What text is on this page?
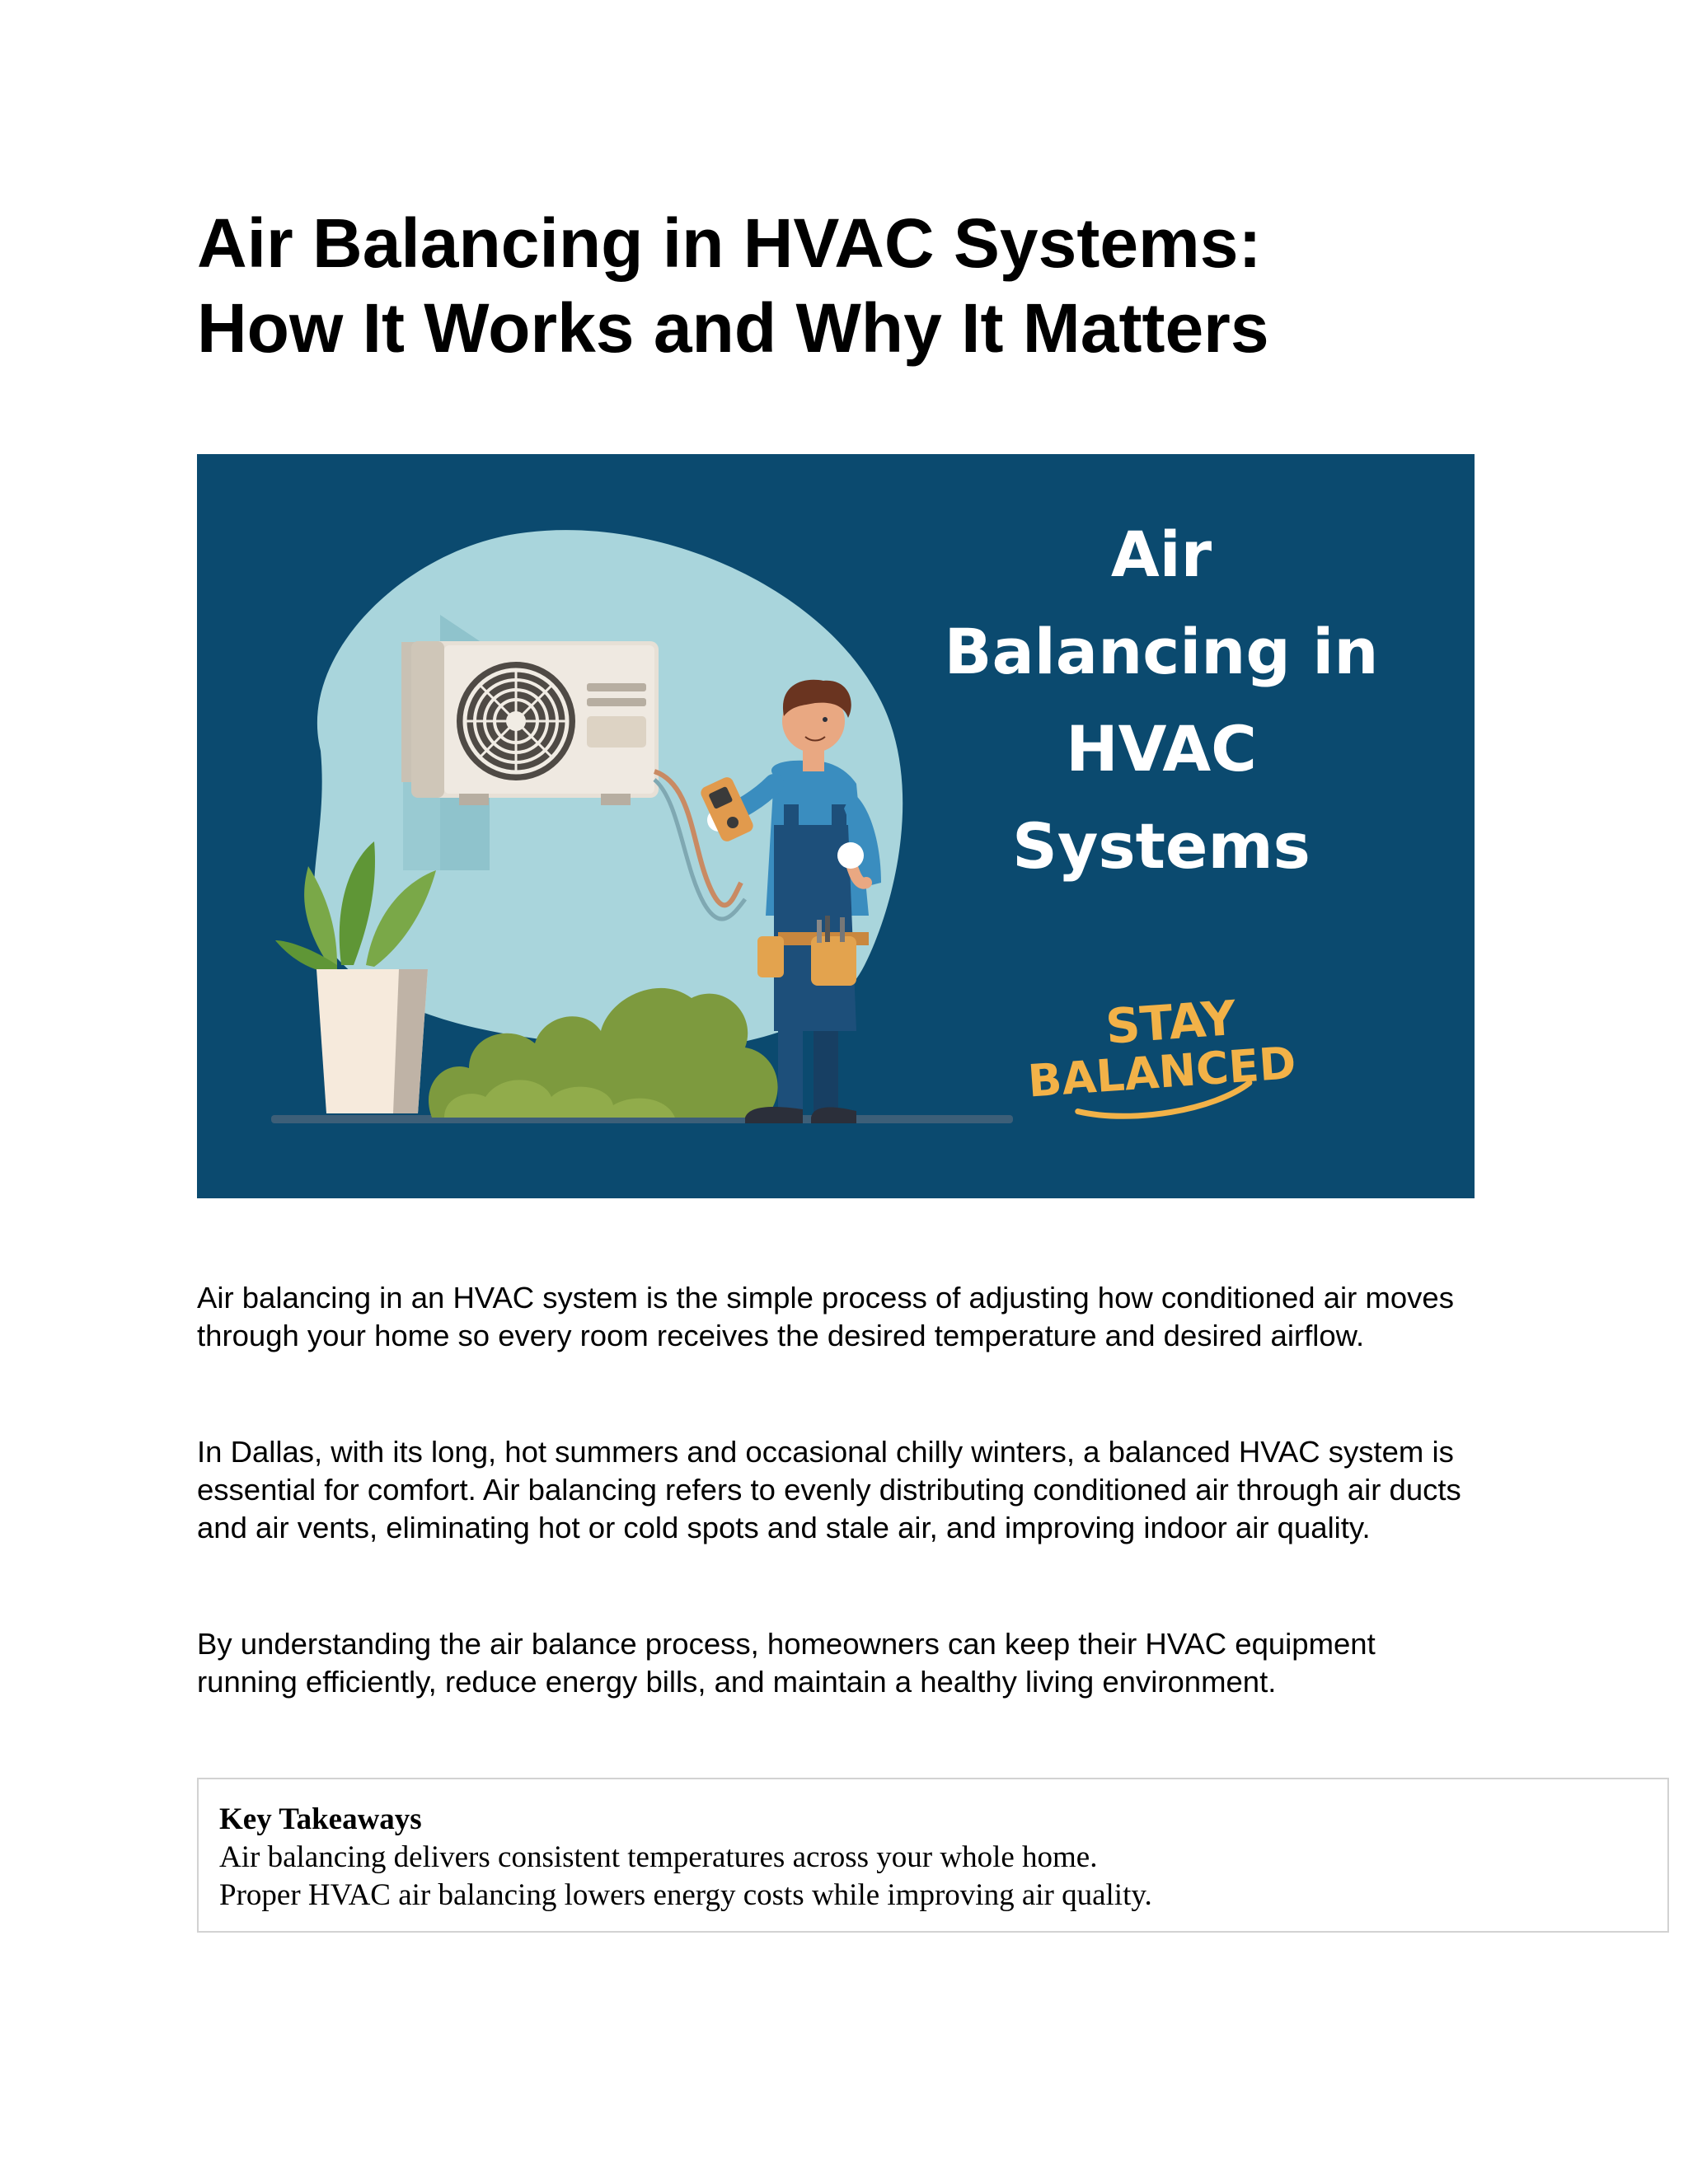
Air Balancing in HVAC Systems:
How It Works and Why It Matters
Air
Balancing in
HVAC
Systems
STAY
BALANCED

Air balancing in an HVAC system is the simple process of adjusting how conditioned air moves through your home so every room receives the desired temperature and desired airflow.

In Dallas, with its long, hot summers and occasional chilly winters, a balanced HVAC system is essential for comfort. Air balancing refers to evenly distributing conditioned air through air ducts and air vents, eliminating hot or cold spots and stale air, and improving indoor air quality.

By understanding the air balance process, homeowners can keep their HVAC equipment running efficiently, reduce energy bills, and maintain a healthy living environment.

Key Takeaways
Air balancing delivers consistent temperatures across your whole home.
Proper HVAC air balancing lowers energy costs while improving air quality.
